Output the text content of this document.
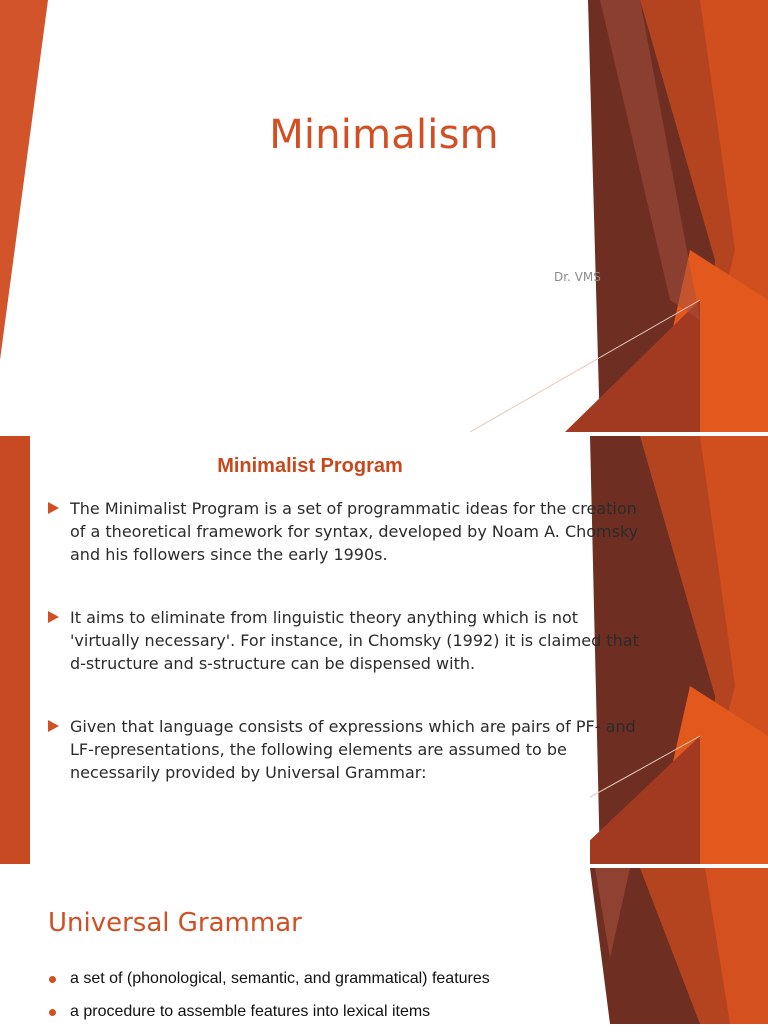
Minimalism
Dr. VMS
Minimalist Program
The Minimalist Program is a set of programmatic ideas for the creation of a theoretical framework for syntax, developed by Noam A. Chomsky and his followers since the early 1990s.
It aims to eliminate from linguistic theory anything which is not 'virtually necessary'. For instance, in Chomsky (1992) it is claimed that d-structure and s-structure can be dispensed with.
Given that language consists of expressions which are pairs of PF- and LF-representations, the following elements are assumed to be necessarily provided by Universal Grammar:
Universal Grammar
a set of (phonological, semantic, and grammatical) features
a procedure to assemble features into lexical items
